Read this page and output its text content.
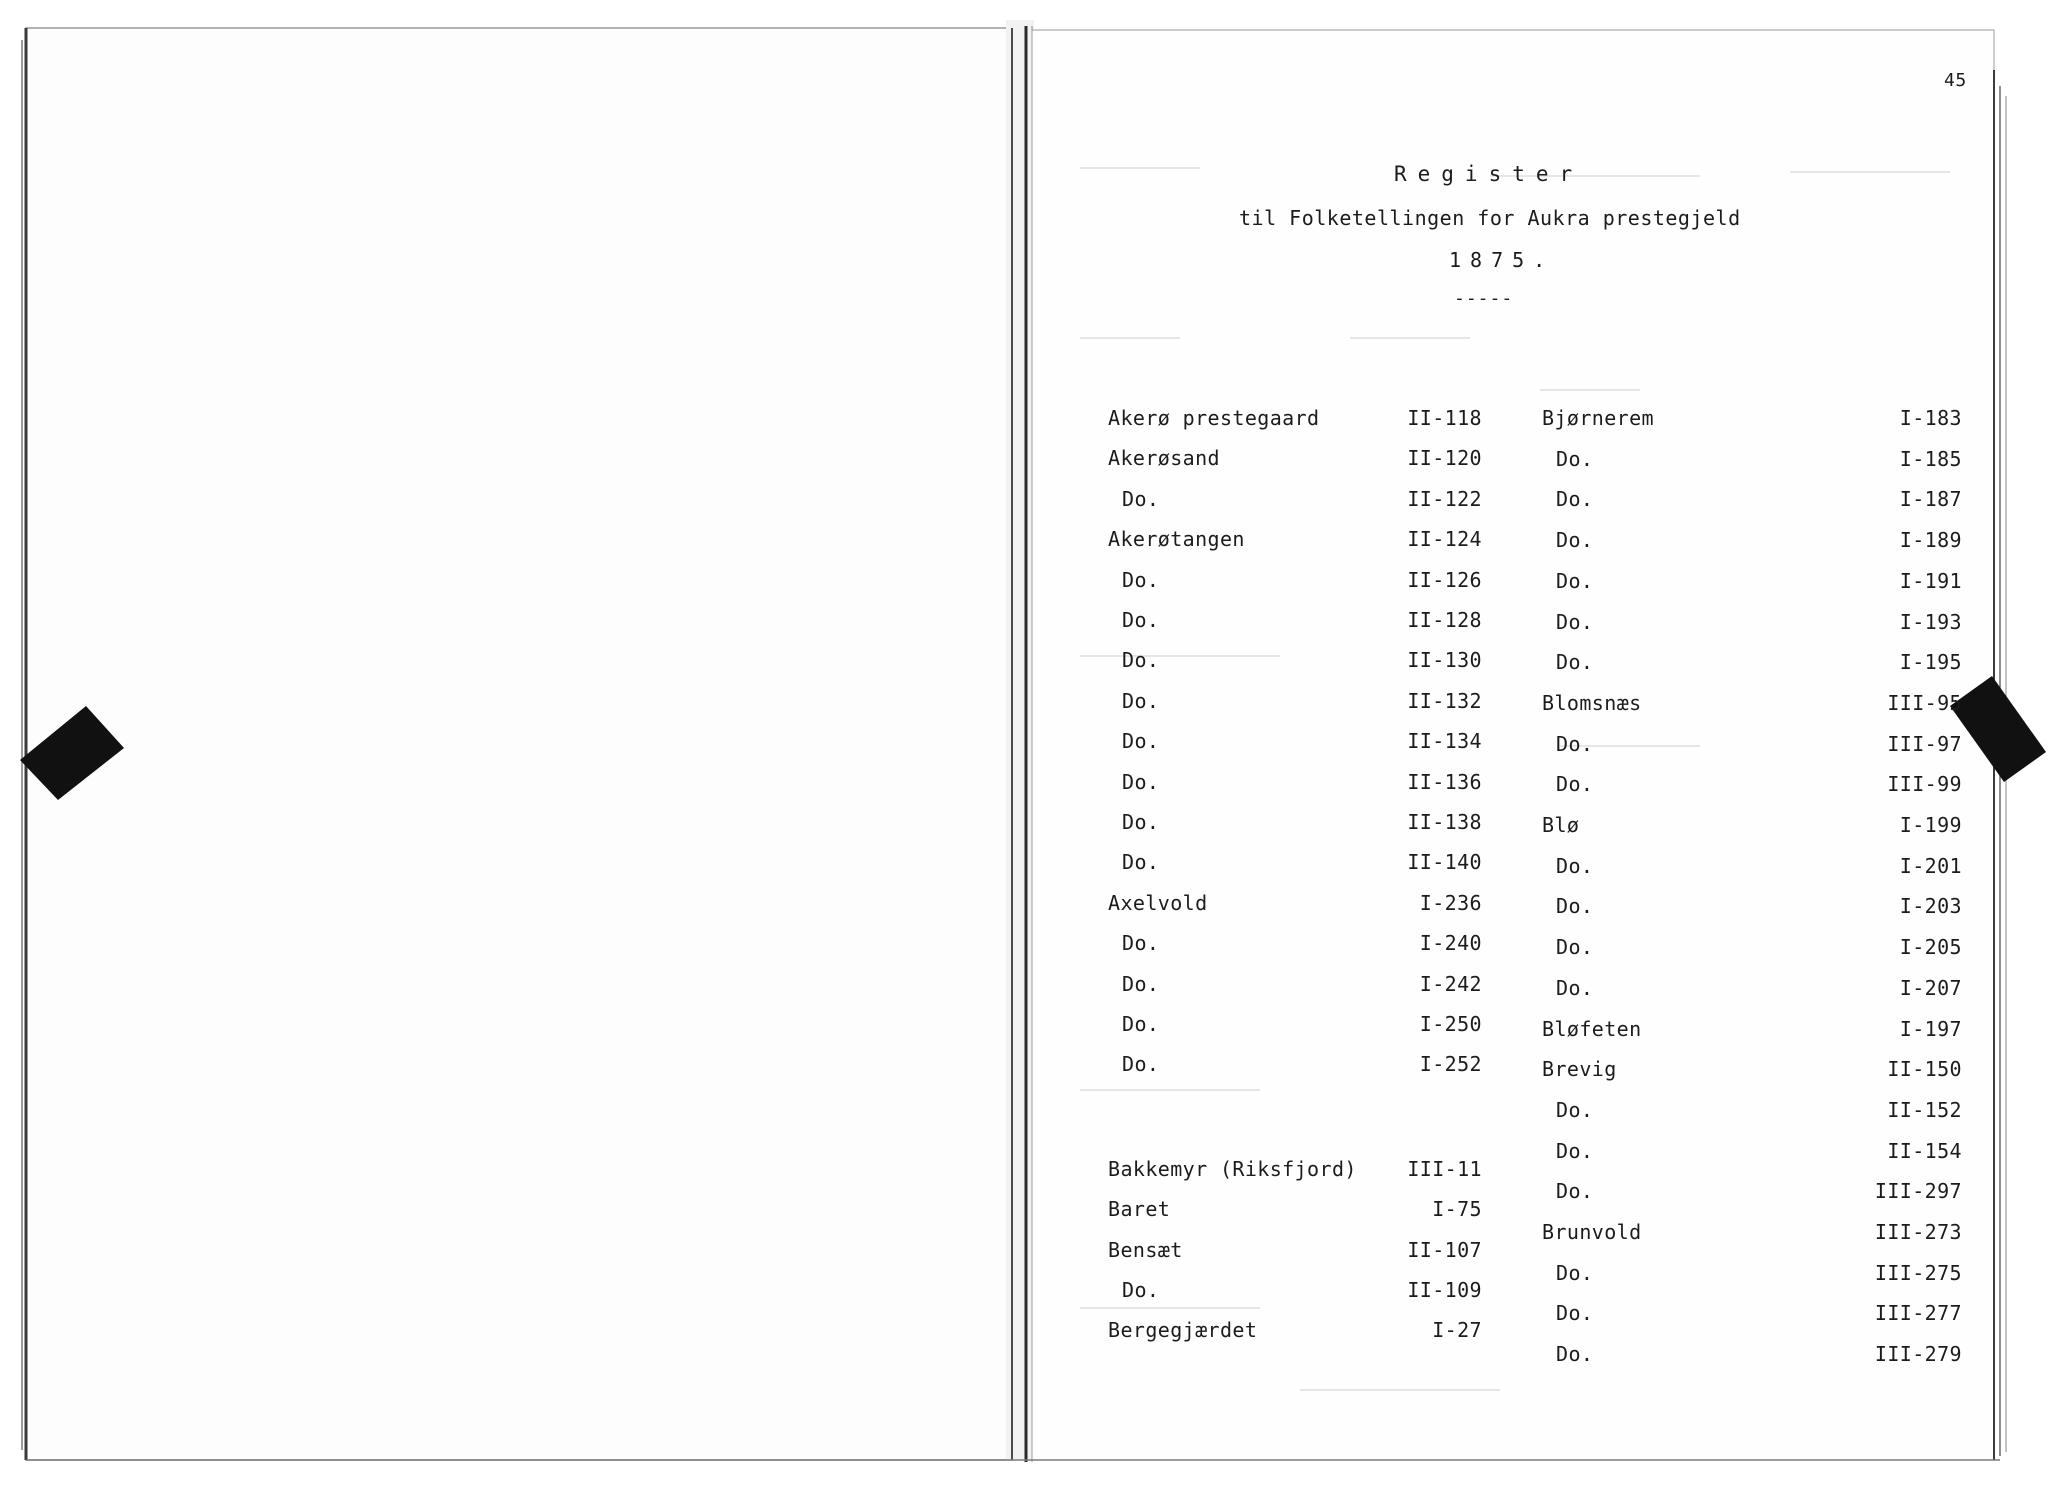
45
Register
til Folketellingen for Aukra prestegjeld
1875.
-----
Akerø prestegaard	II-118
Akerøsand	II-120
Do.	II-122
Akerøtangen	II-124
Do.	II-126
Do.	II-128
Do.	II-130
Do.	II-132
Do.	II-134
Do.	II-136
Do.	II-138
Do.	II-140
Axelvold	I-236
Do.	I-240
Do.	I-242
Do.	I-250
Do.	I-252
Bakkemyr (Riksfjord)	III-11
Baret	I-75
Bensæt	II-107
Do.	II-109
Bergegjærdet	I-27
Bjørnerem	I-183
Do.	I-185
Do.	I-187
Do.	I-189
Do.	I-191
Do.	I-193
Do.	I-195
Blomsnæs	III-95
Do.	III-97
Do.	III-99
Blø	I-199
Do.	I-201
Do.	I-203
Do.	I-205
Do.	I-207
Bløfeten	I-197
Brevig	II-150
Do.	II-152
Do.	II-154
Do.	III-297
Brunvold	III-273
Do.	III-275
Do.	III-277
Do.	III-279
